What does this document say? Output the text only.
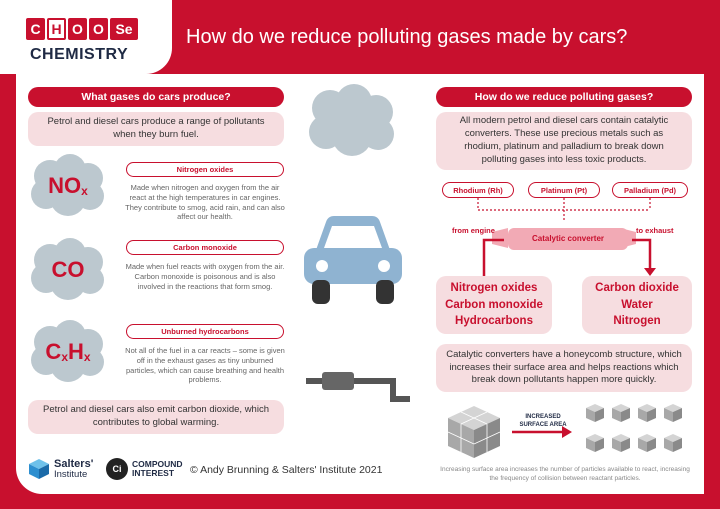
C H O O Se
CHEMISTRY
How do we reduce polluting gases made by cars?
What gases do cars produce?
Petrol and diesel cars produce a range of pollutants when they burn fuel.
$NO_x$
Nitrogen oxides
Made when nitrogen and oxygen from the air react at the high temperatures in car engines. They contribute to smog, acid rain, and can also affect our health.
CO
Carbon monoxide
Made when fuel reacts with oxygen from the air. Carbon monoxide is poisonous and is also involved in the reactions that form smog.
$C_x$ $H_x$
Unburned hydrocarbons
Not all of the fuel in a car reacts – some is given off in the exhaust gases as tiny unburned particles, which can cause breathing and health problems.
Petrol and diesel cars also emit carbon dioxide, which contributes to global warming.
How do we reduce polluting gases?
All modern petrol and diesel cars contain catalytic converters. These use precious metals such as rhodium, platinum and palladium to break down polluting gases into less toxic products.
Rhodium (Rh)	Platinum (Pt)	Palladium (Pd)
Catalytic converter
from engine	to exhaust
Nitrogen oxides
Carbon monoxide
Hydrocarbons
Carbon dioxide
Water
Nitrogen
Catalytic converters have a honeycomb structure, which increases their surface area and helps reactions which break down pollutants happen more quickly.
INCREASED
SURFACE AREA
Increasing surface area increases the number of particles available to react, increasing the frequency of collision between reactant particles.
Salters'
Institute	Ci
COMPOUND
INTEREST	© Andy Brunning & Salters' Institute 2021
